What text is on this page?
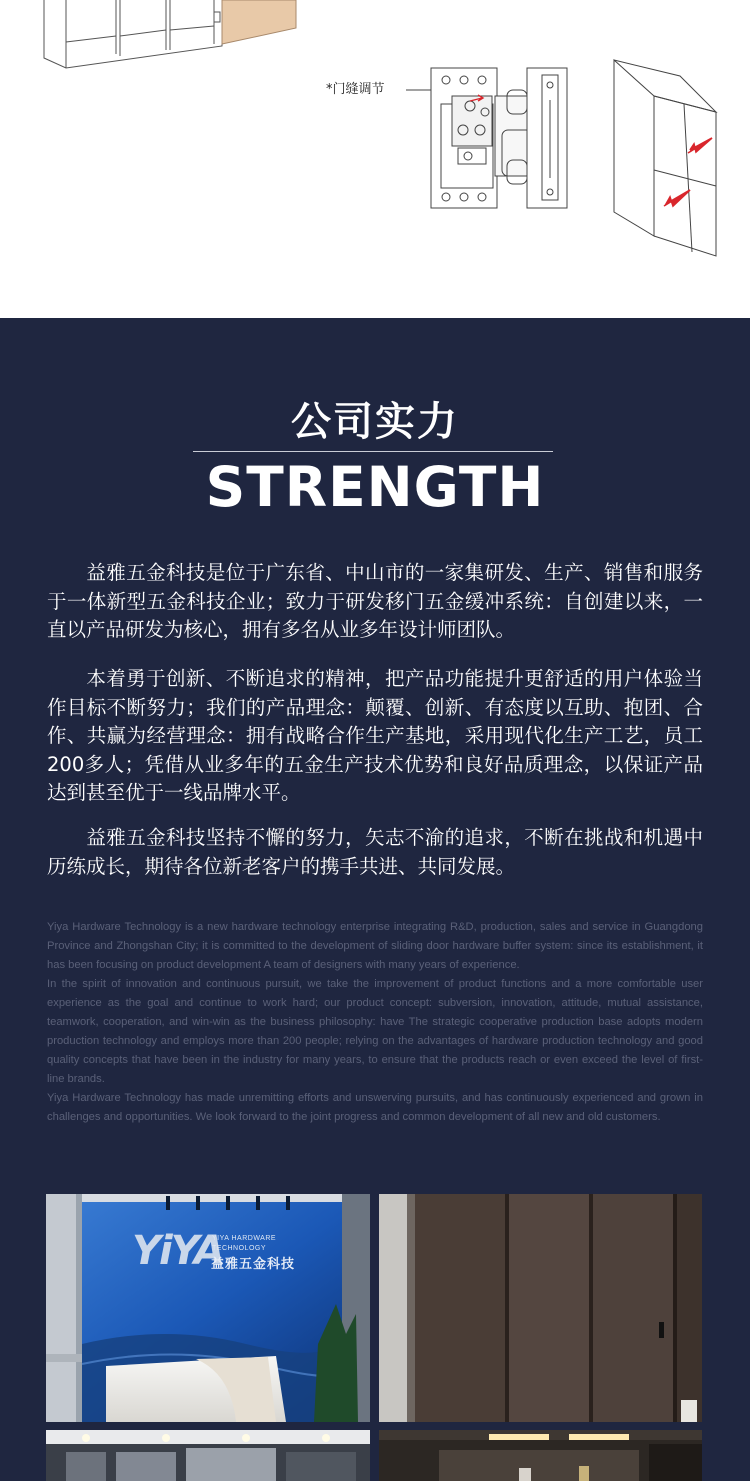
*门缝调节
公司实力
STRENGTH

益雅五金科技是位于广东省、中山市的一家集研发、生产、销售和服务于一体新型五金科技企业；致力于研发移门五金缓冲系统：自创建以来，一直以产品研发为核心，拥有多名从业多年设计师团队。

本着勇于创新、不断追求的精神，把产品功能提升更舒适的用户体验当作目标不断努力；我们的产品理念：颠覆、创新、有态度以互助、抱团、合作、共赢为经营理念：拥有战略合作生产基地，采用现代化生产工艺，员工200多人；凭借从业多年的五金生产技术优势和良好品质理念，以保证产品达到甚至优于一线品牌水平。

益雅五金科技坚持不懈的努力，矢志不渝的追求，不断在挑战和机遇中历练成长，期待各位新老客户的携手共进、共同发展。

Yiya Hardware Technology is a new hardware technology enterprise integrating R&D, production, sales and service in Guangdong Province and Zhongshan City; it is committed to the development of sliding door hardware buffer system: since its establishment, it has been focusing on product development A team of designers with many years of experience.

In the spirit of innovation and continuous pursuit, we take the improvement of product functions and a more comfortable user experience as the goal and continue to work hard; our product concept: subversion, innovation, attitude, mutual assistance, teamwork, cooperation, and win-win as the business philosophy: have The strategic cooperative production base adopts modern production technology and employs more than 200 people; relying on the advantages of hardware production technology and good quality concepts that have been in the industry for many years, to ensure that the products reach or even exceed the level of first-line brands.

Yiya Hardware Technology has made unremitting efforts and unswerving pursuits, and has continuously experienced and grown in challenges and opportunities. We look forward to the joint progress and common development of all new and old customers.

YiYA
YIYA HARDWARE
TECHNOLOGY
益雅五金科技
